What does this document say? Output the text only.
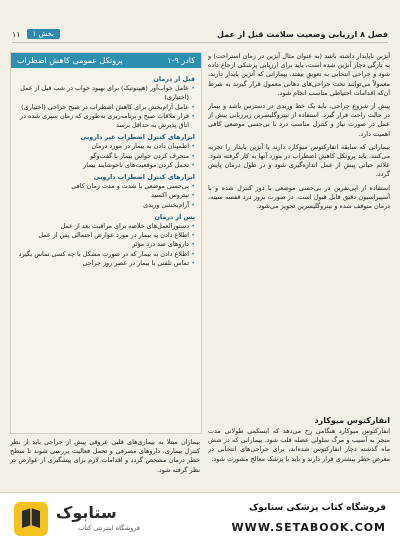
فصل ۸ ارزیابی وضعیت سلامت قبل از عمل
بخش ۱
۱۱
کادر ۹-۱
پروتکل عمومی کاهش اضطراب
قبل از درمان
• عامل خواب‌آور (هیپنوتیک) برای بهبود خواب در شب قبل از عمل (اختیاری)
• عامل آرام‌بخش برای کاهش اضطراب در صبح جراحی (اختیاری)
• قرار ملاقات صبح و برنامه‌ریزی به‌طوری که زمان سپری شده در اتاق پذیرش به حداقل برسد
ابزارهای کنترل اضطراب غیر دارویی
• اطمینان دادن به بیمار در مورد درمان
• منحرف کردن حواس بیمار با گفت‌وگو
• تحمل کردن موقعیت‌های ناخوشایند بیمار
ابزارهای کنترل اضطراب دارویی
• بی‌حسی موضعی با شدت و مدت زمان کافی
• نیتروس اکسید
• آرام‌بخشی وریدی
پس از درمان
• دستورالعمل‌های خلاصه برای مراقبت بعد از عمل
• اطلاع دادن به بیمار در مورد عوارض احتمالی پس از عمل
• داروهای ضد درد مؤثر
• اطلاع دادن به بیمار که در صورت مشکل با چه کسی تماس بگیرد
• تماس تلفنی با بیمار در عصر روز جراحی

آنژین ناپایدار داشته باشد (به عنوان مثال آنژین در زمان استراحت) و به تازگی دچار آنژین شده است، باید برای ارزیابی پزشکی ارجاع داده شود و جراحی انتخابی به تعویق بیفتد. بیمارانی که آنژین پایدار دارند، معمولاً می‌توانند تحت جراحی‌های دهانی معمول قرار گیرند به شرط آن‌که اقدامات احتیاطی مناسب انجام شود.

پیش از شروع جراحی، باید یک خط وریدی در دسترس باشد و بیمار در حالت راحت قرار گیرد. استفاده از نیتروگلیسرین زیرزبانی پیش از عمل در صورت نیاز و کنترل مناسب درد با بی‌حسی موضعی کافی اهمیت دارد.

بیمارانی که سابقه انفارکتوس میوکارد دارند یا آنژین پایدار را تجربه می‌کنند، باید پروتکل کاهش اضطراب در مورد آنها به کار گرفته شود. علائم حیاتی پیش از عمل اندازه‌گیری شود و در طول درمان پایش گردد.

استفاده از اپی‌نفرین در بی‌حسی موضعی با دوز کنترل شده و با آسپیراسیون دقیق قابل قبول است. در صورت بروز درد قفسه سینه، درمان متوقف شده و نیتروگلیسرین تجویز می‌شود.

بیماران مبتلا به بیماری‌های قلبی عروقی پیش از جراحی باید از نظر کنترل بیماری، داروهای مصرفی و تحمل فعالیت بررسی شوند تا سطح خطر درمان مشخص گردد و اقدامات لازم برای پیشگیری از عوارض در نظر گرفته شود.
انفارکتوس میوکارد
انفارکتوس میوکارد هنگامی رخ می‌دهد که ایسکمی طولانی مدت منجر به آسیب و مرگ سلولی عضله قلب شود. بیمارانی که در شش ماه گذشته دچار انفارکتوس شده‌اند، برای جراحی‌های انتخابی در معرض خطر بیشتری قرار دارند و باید با پزشک معالج مشورت شود.
فروشگاه کتاب پزشکی ستابوک
WWW.SETABOOK.COM
ستابوک
فروشگاه اینترنتی کتاب
